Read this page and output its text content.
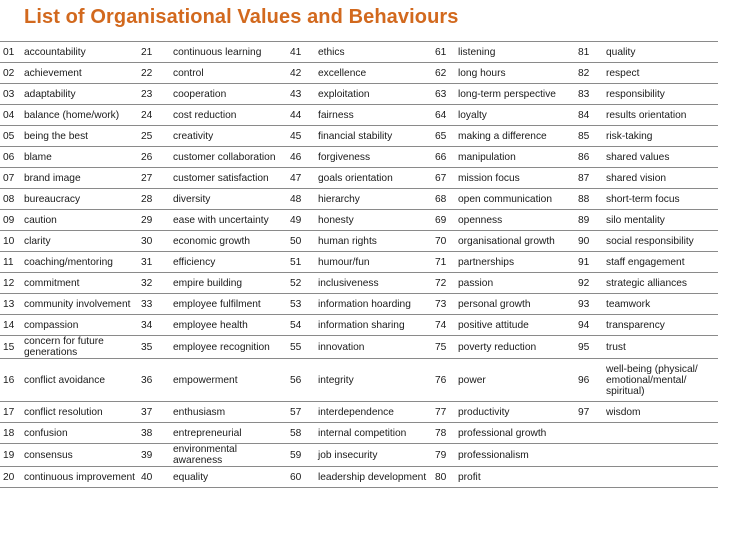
List of Organisational Values and Behaviours
01	accountability	21	continuous learning	41	ethics	61	listening	81	quality
02	achievement	22	control	42	excellence	62	long hours	82	respect
03	adaptability	23	cooperation	43	exploitation	63	long-term perspective	83	responsibility
04	balance (home/work)	24	cost reduction	44	fairness	64	loyalty	84	results orientation
05	being the best	25	creativity	45	financial stability	65	making a difference	85	risk-taking
06	blame	26	customer collaboration	46	forgiveness	66	manipulation	86	shared values
07	brand image	27	customer satisfaction	47	goals orientation	67	mission focus	87	shared vision
08	bureaucracy	28	diversity	48	hierarchy	68	open communication	88	short-term focus
09	caution	29	ease with uncertainty	49	honesty	69	openness	89	silo mentality
10	clarity	30	economic growth	50	human rights	70	organisational growth	90	social responsibility
11	coaching/mentoring	31	efficiency	51	humour/fun	71	partnerships	91	staff engagement
12	commitment	32	empire building	52	inclusiveness	72	passion	92	strategic alliances
13	community involvement	33	employee fulfilment	53	information hoarding	73	personal growth	93	teamwork
14	compassion	34	employee health	54	information sharing	74	positive attitude	94	transparency
15	concern for future generations	35	employee recognition	55	innovation	75	poverty reduction	95	trust
16	conflict avoidance	36	empowerment	56	integrity	76	power	96	well-being (physical/ emotional/mental/ spiritual)
17	conflict resolution	37	enthusiasm	57	interdependence	77	productivity	97	wisdom
18	confusion	38	entrepreneurial	58	internal competition	78	professional growth		
19	consensus	39	environmental awareness	59	job insecurity	79	professionalism		
20	continuous improvement	40	equality	60	leadership development	80	profit		
